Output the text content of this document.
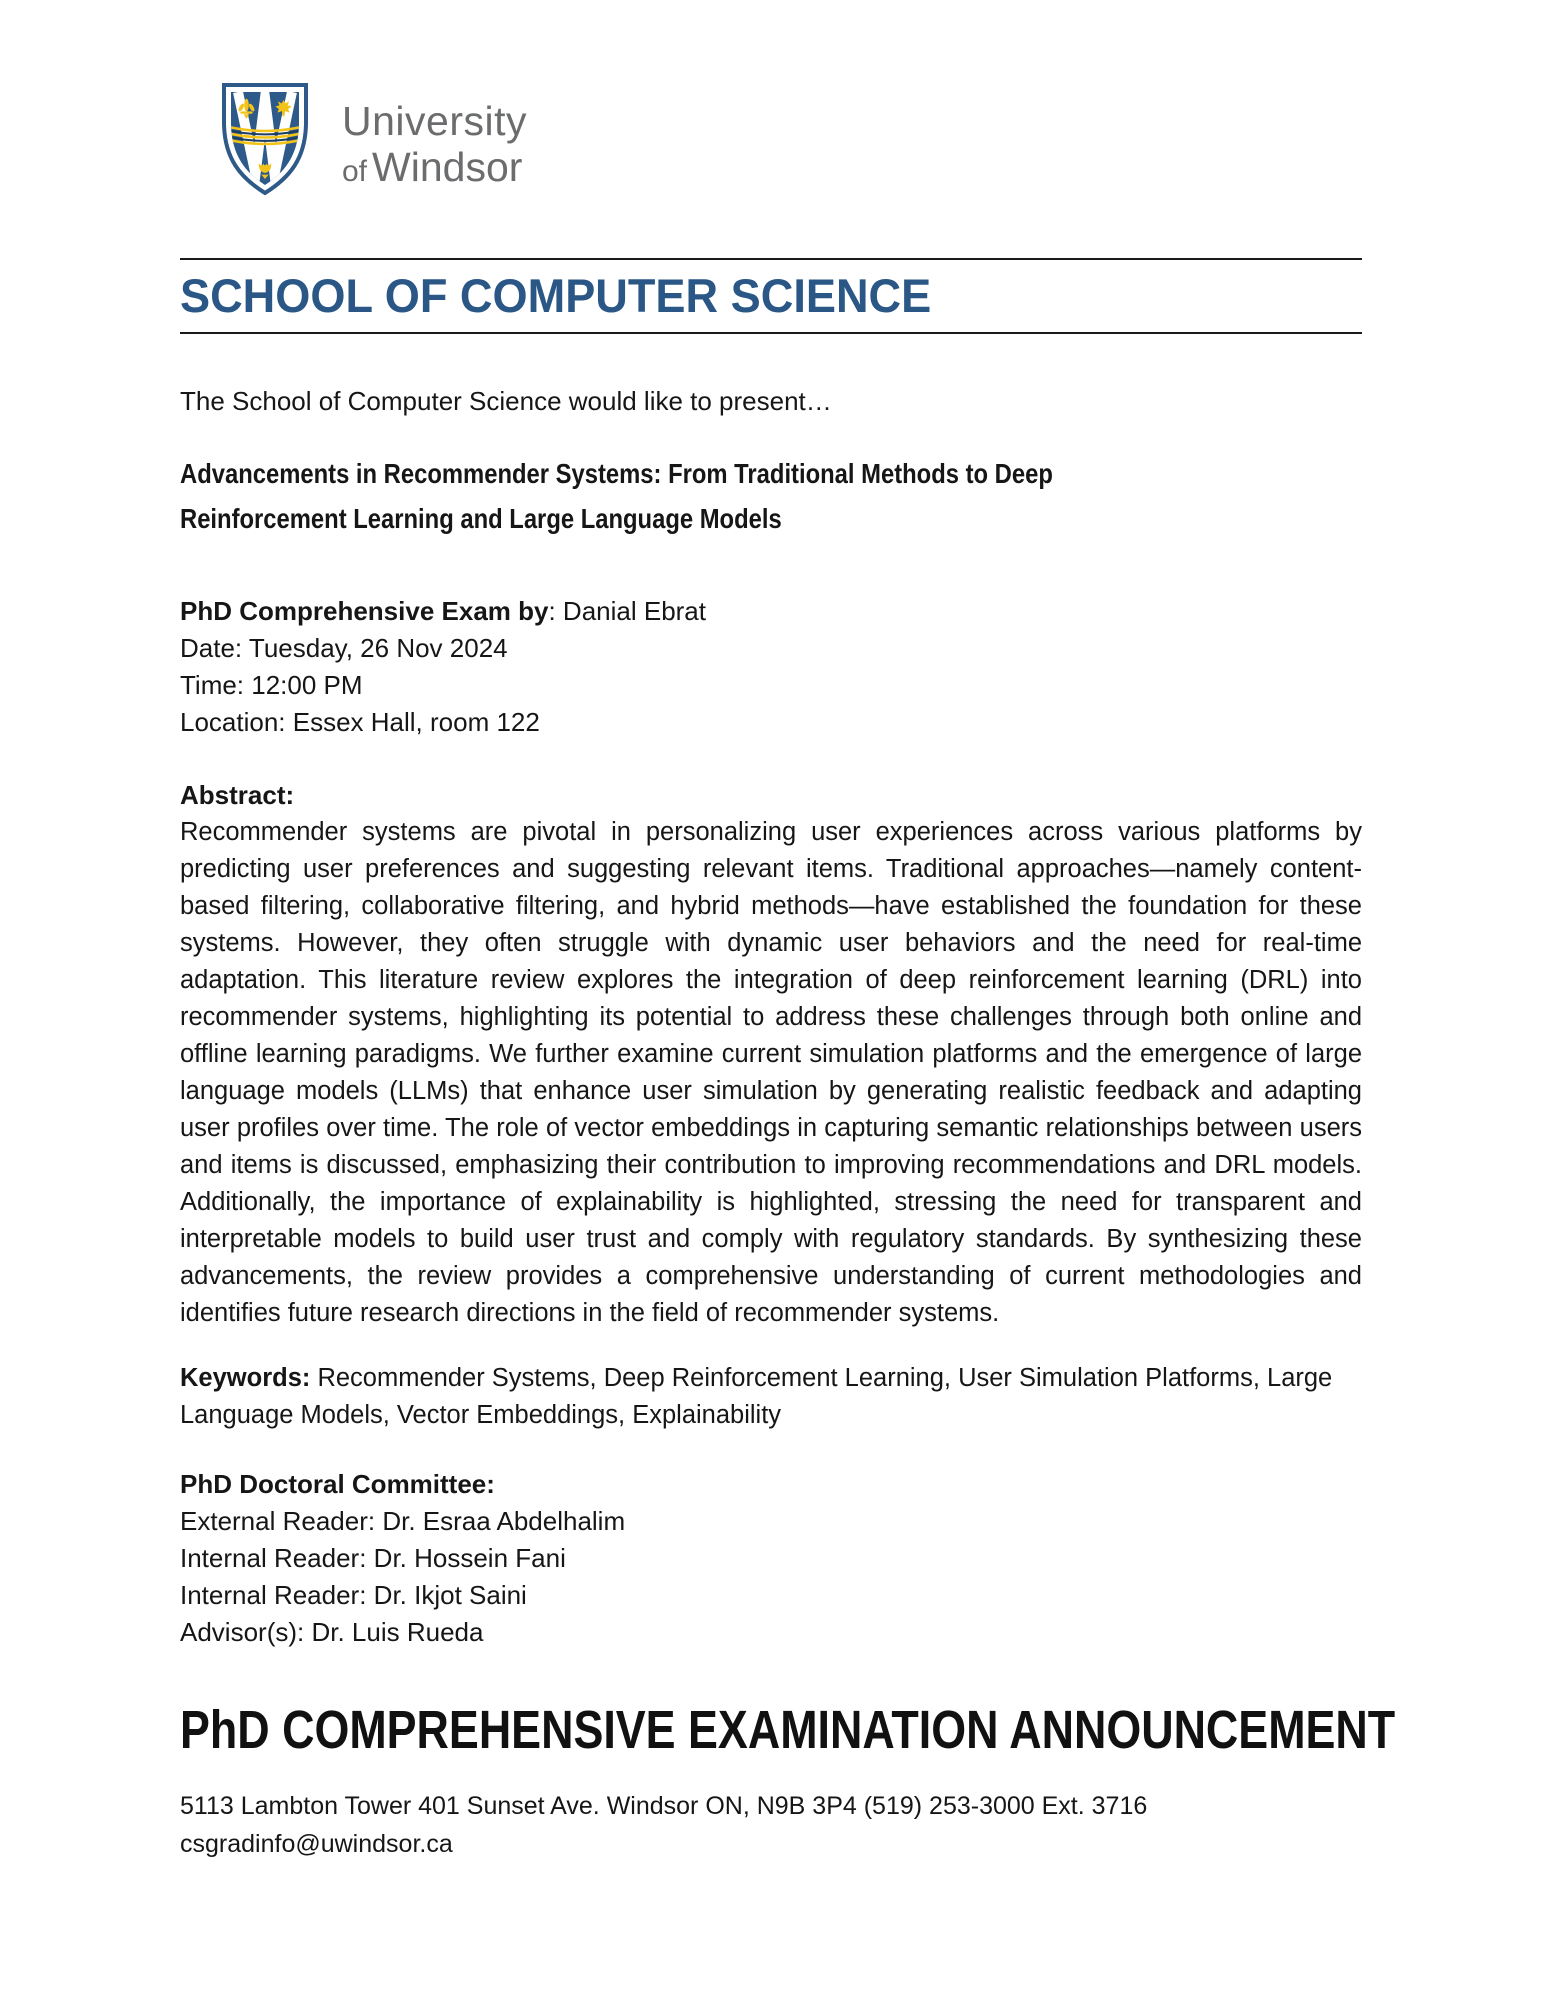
University
of Windsor
SCHOOL OF COMPUTER SCIENCE
The School of Computer Science would like to present…
Advancements in Recommender Systems: From Traditional Methods to Deep
Reinforcement Learning and Large Language Models
PhD Comprehensive Exam by: Danial Ebrat
Date: Tuesday, 26 Nov 2024
Time: 12:00 PM
Location: Essex Hall, room 122
Abstract:

Recommender systems are pivotal in personalizing user experiences across various platforms by predicting user preferences and suggesting relevant items. Traditional approaches—namely content-based filtering, collaborative filtering, and hybrid methods—have established the foundation for these systems. However, they often struggle with dynamic user behaviors and the need for real-time adaptation. This literature review explores the integration of deep reinforcement learning (DRL) into recommender systems, highlighting its potential to address these challenges through both online and offline learning paradigms. We further examine current simulation platforms and the emergence of large language models (LLMs) that enhance user simulation by generating realistic feedback and adapting user profiles over time. The role of vector embeddings in capturing semantic relationships between users and items is discussed, emphasizing their contribution to improving recommendations and DRL models. Additionally, the importance of explainability is highlighted, stressing the need for transparent and interpretable models to build user trust and comply with regulatory standards. By synthesizing these advancements, the review provides a comprehensive understanding of current methodologies and identifies future research directions in the field of recommender systems.

Keywords: Recommender Systems, Deep Reinforcement Learning, User Simulation Platforms, Large Language Models, Vector Embeddings, Explainability
PhD Doctoral Committee:
External Reader: Dr. Esraa Abdelhalim
Internal Reader: Dr. Hossein Fani
Internal Reader: Dr. Ikjot Saini
Advisor(s): Dr. Luis Rueda
PhD COMPREHENSIVE EXAMINATION ANNOUNCEMENT
5113 Lambton Tower 401 Sunset Ave. Windsor ON, N9B 3P4 (519) 253-3000 Ext. 3716
csgradinfo@uwindsor.ca
